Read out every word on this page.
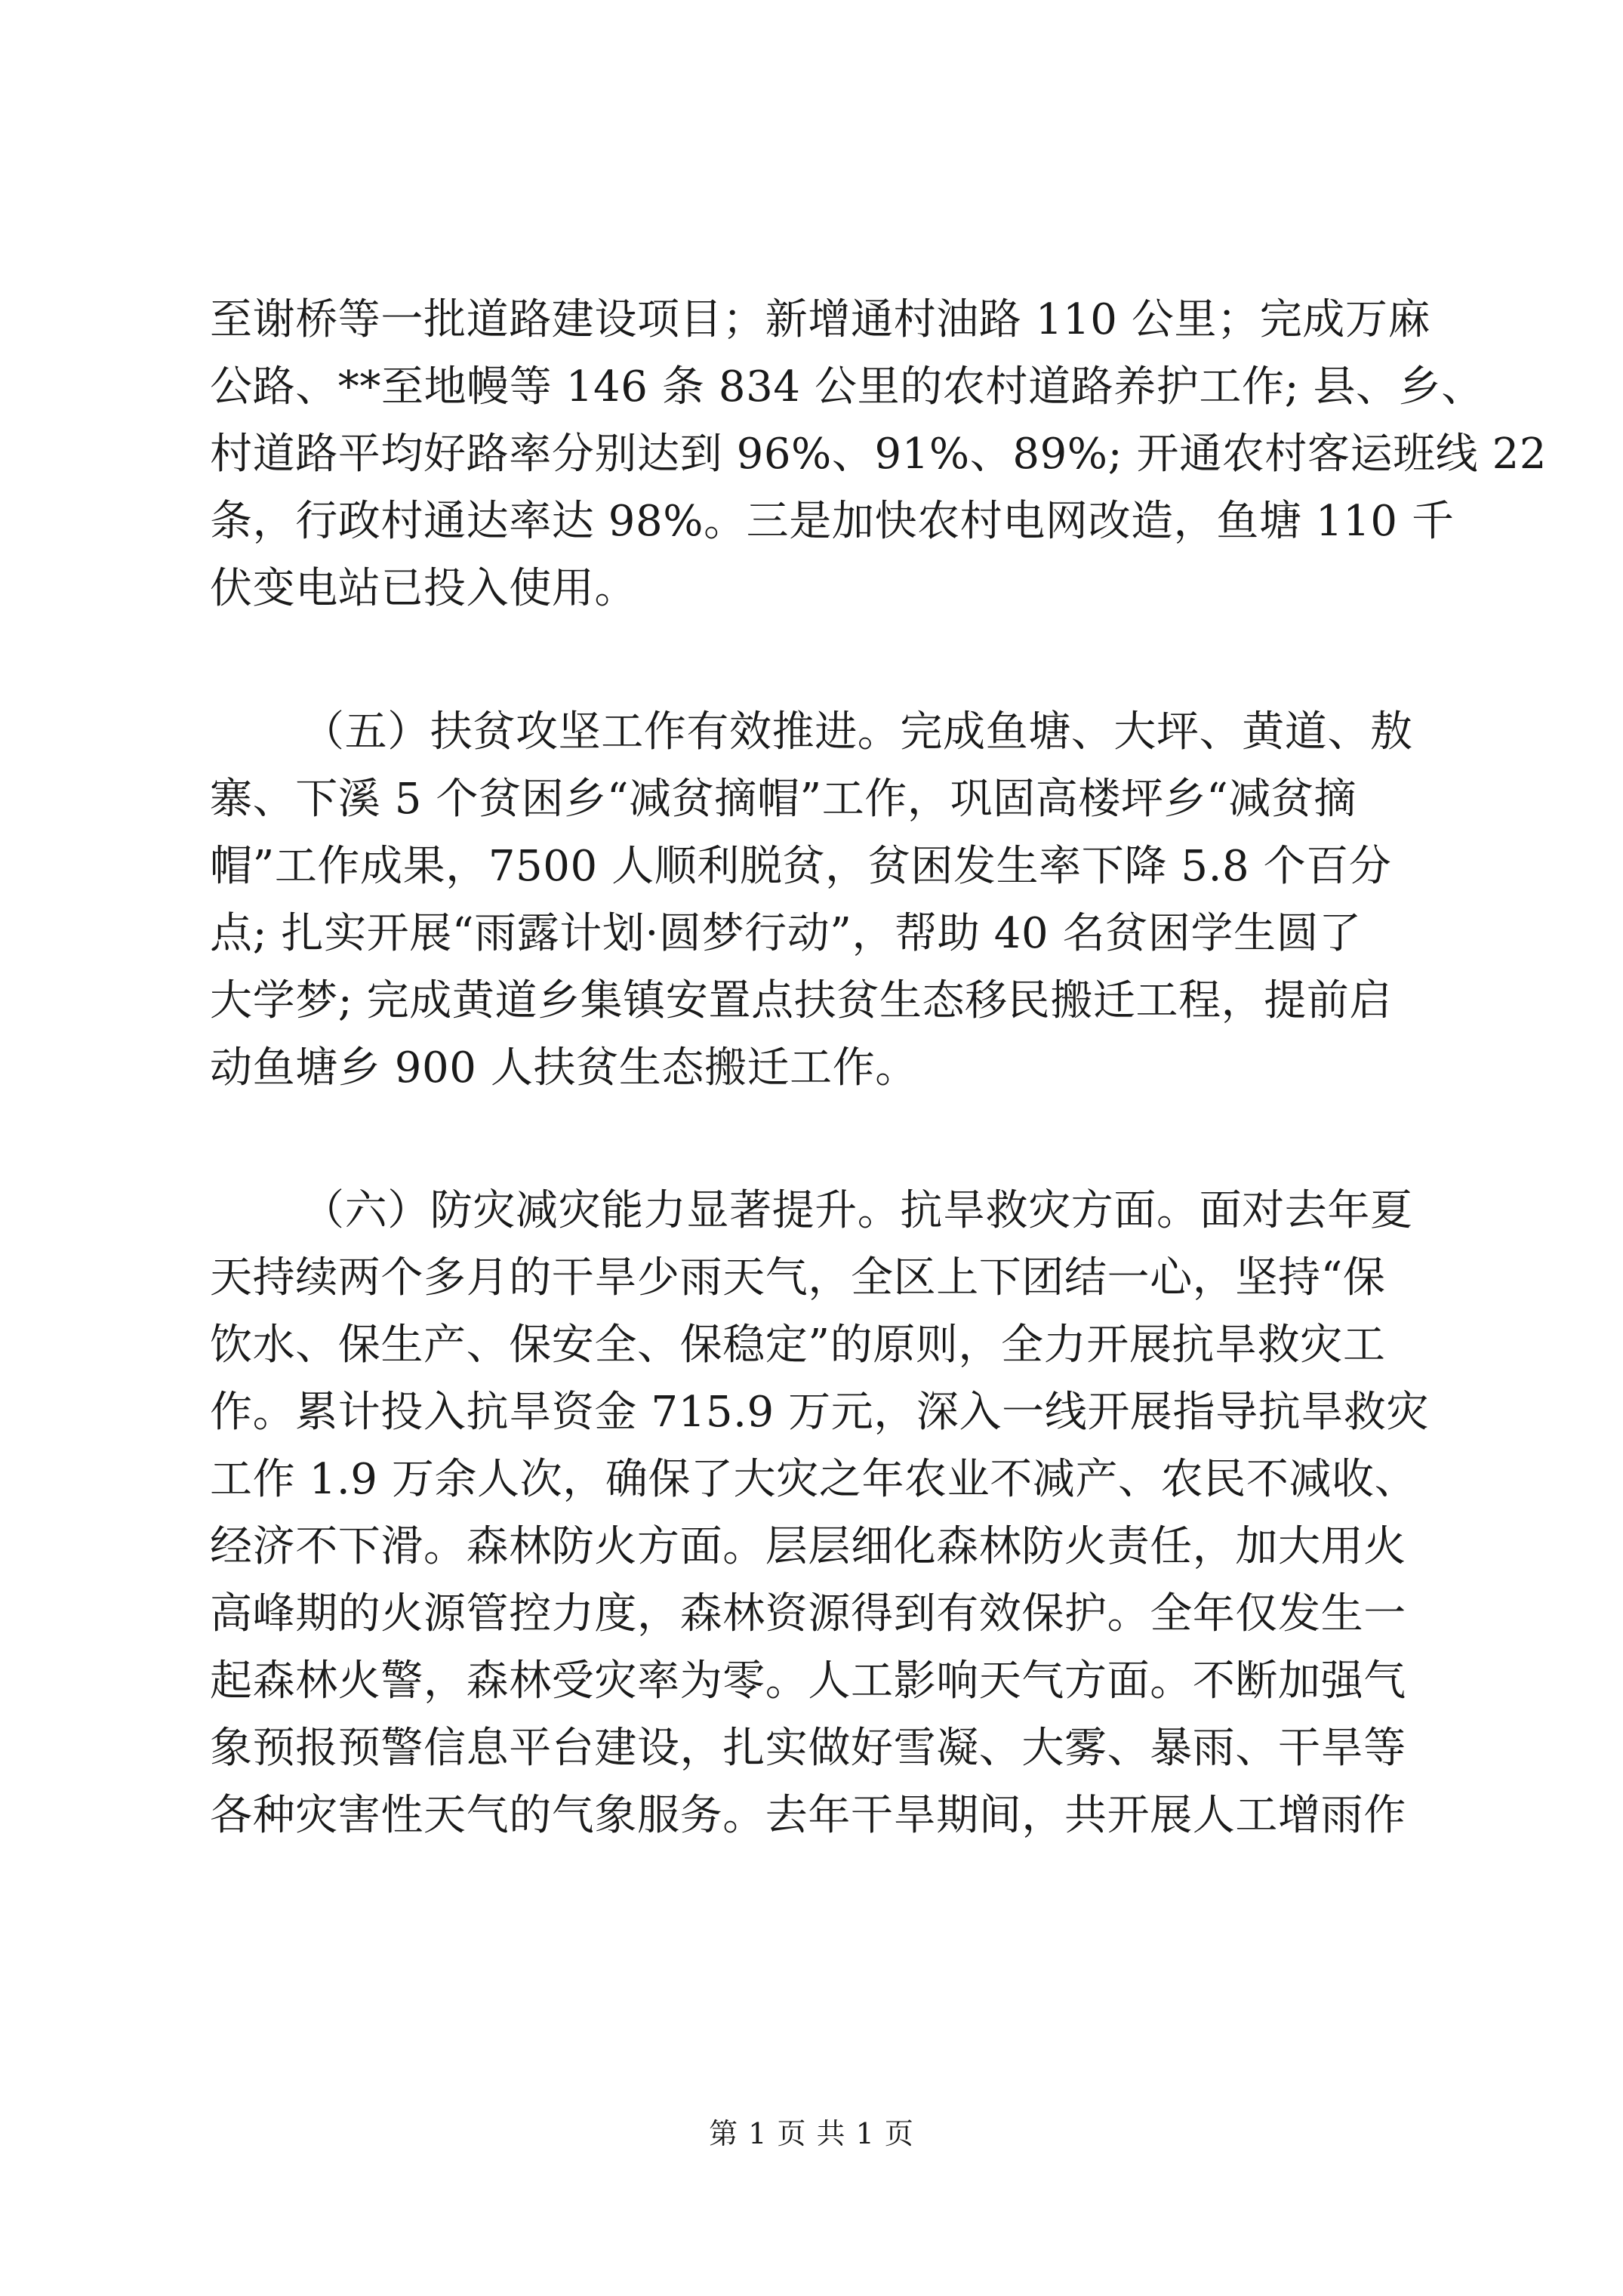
至谢桥等一批道路建设项目；新增通村油路 110 公里；完成万麻
公路、**至地幔等 146 条 834 公里的农村道路养护工作; 县、乡、
村道路平均好路率分别达到 96%、91%、89%; 开通农村客运班线 22
条，行政村通达率达 98%。三是加快农村电网改造，鱼塘 110 千
伏变电站已投入使用。
（五）扶贫攻坚工作有效推进。完成鱼塘、大坪、黄道、敖
寨、下溪 5 个贫困乡“减贫摘帽”工作，巩固高楼坪乡“减贫摘
帽”工作成果，7500 人顺利脱贫，贫困发生率下降 5.8 个百分
点; 扎实开展“雨露计划·圆梦行动”，帮助 40 名贫困学生圆了
大学梦; 完成黄道乡集镇安置点扶贫生态移民搬迁工程，提前启
动鱼塘乡 900 人扶贫生态搬迁工作。
（六）防灾减灾能力显著提升。抗旱救灾方面。面对去年夏
天持续两个多月的干旱少雨天气，全区上下团结一心，坚持“保
饮水、保生产、保安全、保稳定”的原则，全力开展抗旱救灾工
作。累计投入抗旱资金 715.9 万元，深入一线开展指导抗旱救灾
工作 1.9 万余人次，确保了大灾之年农业不减产、农民不减收、
经济不下滑。森林防火方面。层层细化森林防火责任，加大用火
高峰期的火源管控力度，森林资源得到有效保护。全年仅发生一
起森林火警，森林受灾率为零。人工影响天气方面。不断加强气
象预报预警信息平台建设，扎实做好雪凝、大雾、暴雨、干旱等
各种灾害性天气的气象服务。去年干旱期间，共开展人工增雨作
第 1 页 共 1 页
